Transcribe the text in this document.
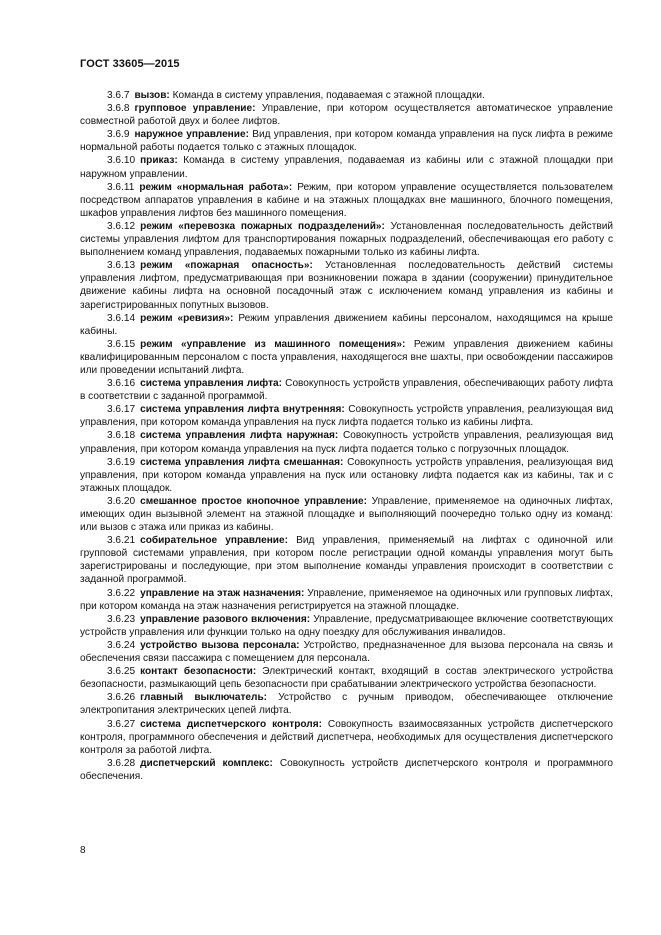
ГОСТ 33605—2015

3.6.7 вызов: Команда в систему управления, подаваемая с этажной площадки.

3.6.8 групповое управление: Управление, при котором осуществляется автоматическое управление совместной работой двух и более лифтов.

3.6.9 наружное управление: Вид управления, при котором команда управления на пуск лифта в режиме нормальной работы подается только с этажных площадок.

3.6.10 приказ: Команда в систему управления, подаваемая из кабины или с этажной площадки при наружном управлении.

3.6.11 режим «нормальная работа»: Режим, при котором управление осуществляется пользователем посредством аппаратов управления в кабине и на этажных площадках вне машинного, блочного помещения, шкафов управления лифтов без машинного помещения.

3.6.12 режим «перевозка пожарных подразделений»: Установленная последовательность действий системы управления лифтом для транспортирования пожарных подразделений, обеспечивающая его работу с выполнением команд управления, подаваемых пожарными только из кабины лифта.

3.6.13 режим «пожарная опасность»: Установленная последовательность действий системы управления лифтом, предусматривающая при возникновении пожара в здании (сооружении) принудительное движение кабины лифта на основной посадочный этаж с исключением команд управления из кабины и зарегистрированных попутных вызовов.

3.6.14 режим «ревизия»: Режим управления движением кабины персоналом, находящимся на крыше кабины.

3.6.15 режим «управление из машинного помещения»: Режим управления движением кабины квалифицированным персоналом с поста управления, находящегося вне шахты, при освобождении пассажиров или проведении испытаний лифта.

3.6.16 система управления лифта: Совокупность устройств управления, обеспечивающих работу лифта в соответствии с заданной программой.

3.6.17 система управления лифта внутренняя: Совокупность устройств управления, реализующая вид управления, при котором команда управления на пуск лифта подается только из кабины лифта.

3.6.18 система управления лифта наружная: Совокупность устройств управления, реализующая вид управления, при котором команда управления на пуск лифта подается только с погрузочных площадок.

3.6.19 система управления лифта смешанная: Совокупность устройств управления, реализующая вид управления, при котором команда управления на пуск или остановку лифта подается как из кабины, так и с этажных площадок.

3.6.20 смешанное простое кнопочное управление: Управление, применяемое на одиночных лифтах, имеющих один вызывной элемент на этажной площадке и выполняющий поочередно только одну из команд: или вызов с этажа или приказ из кабины.

3.6.21 собирательное управление: Вид управления, применяемый на лифтах с одиночной или групповой системами управления, при котором после регистрации одной команды управления могут быть зарегистрированы и последующие, при этом выполнение команды управления происходит в соответствии с заданной программой.

3.6.22 управление на этаж назначения: Управление, применяемое на одиночных или групповых лифтах, при котором команда на этаж назначения регистрируется на этажной площадке.

3.6.23 управление разового включения: Управление, предусматривающее включение соответствующих устройств управления или функции только на одну поездку для обслуживания инвалидов.

3.6.24 устройство вызова персонала: Устройство, предназначенное для вызова персонала на связь и обеспечения связи пассажира с помещением для персонала.

3.6.25 контакт безопасности: Электрический контакт, входящий в состав электрического устройства безопасности, размыкающий цепь безопасности при срабатывании электрического устройства безопасности.

3.6.26 главный выключатель: Устройство с ручным приводом, обеспечивающее отключение электропитания электрических цепей лифта.

3.6.27 система диспетчерского контроля: Совокупность взаимосвязанных устройств диспетчерского контроля, программного обеспечения и действий диспетчера, необходимых для осуществления диспетчерского контроля за работой лифта.

3.6.28 диспетчерский комплекс: Совокупность устройств диспетчерского контроля и программного обеспечения.

8
